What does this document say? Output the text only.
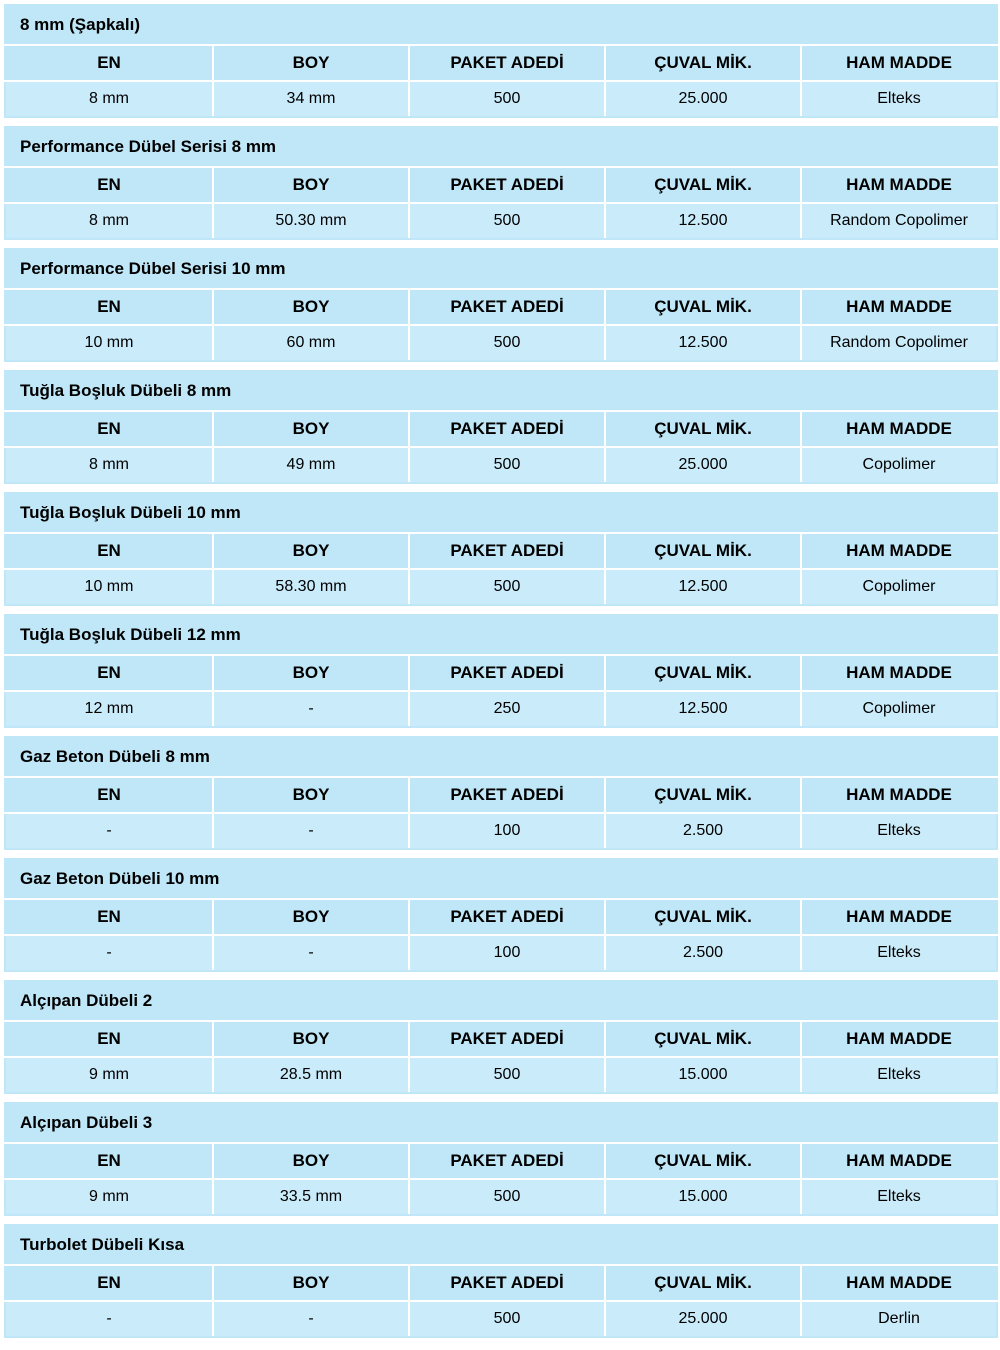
8 mm (Şapkalı)				
EN	BOY	PAKET ADEDİ	ÇUVAL MİK.	HAM MADDE
8 mm	34 mm	500	25.000	Elteks
Performance Dübel Serisi 8 mm				
EN	BOY	PAKET ADEDİ	ÇUVAL MİK.	HAM MADDE
8 mm	50.30 mm	500	12.500	Random Copolimer
Performance Dübel Serisi 10 mm				
EN	BOY	PAKET ADEDİ	ÇUVAL MİK.	HAM MADDE
10 mm	60 mm	500	12.500	Random Copolimer
Tuğla Boşluk Dübeli 8 mm				
EN	BOY	PAKET ADEDİ	ÇUVAL MİK.	HAM MADDE
8 mm	49 mm	500	25.000	Copolimer
Tuğla Boşluk Dübeli 10 mm				
EN	BOY	PAKET ADEDİ	ÇUVAL MİK.	HAM MADDE
10 mm	58.30 mm	500	12.500	Copolimer
Tuğla Boşluk Dübeli 12 mm				
EN	BOY	PAKET ADEDİ	ÇUVAL MİK.	HAM MADDE
12 mm	-	250	12.500	Copolimer
Gaz Beton Dübeli 8 mm				
EN	BOY	PAKET ADEDİ	ÇUVAL MİK.	HAM MADDE
-	-	100	2.500	Elteks
Gaz Beton Dübeli 10 mm				
EN	BOY	PAKET ADEDİ	ÇUVAL MİK.	HAM MADDE
-	-	100	2.500	Elteks
Alçıpan Dübeli 2				
EN	BOY	PAKET ADEDİ	ÇUVAL MİK.	HAM MADDE
9 mm	28.5 mm	500	15.000	Elteks
Alçıpan Dübeli 3				
EN	BOY	PAKET ADEDİ	ÇUVAL MİK.	HAM MADDE
9 mm	33.5 mm	500	15.000	Elteks
Turbolet Dübeli Kısa				
EN	BOY	PAKET ADEDİ	ÇUVAL MİK.	HAM MADDE
-	-	500	25.000	Derlin
